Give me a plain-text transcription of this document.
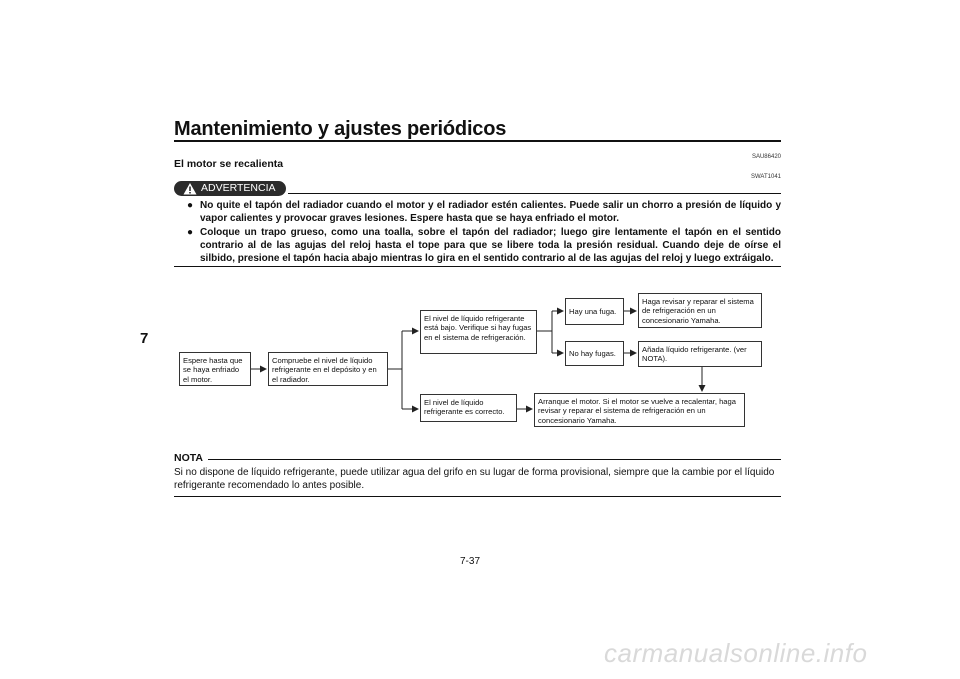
Mantenimiento y ajustes periódicos
7
SAU86420
El motor se recalienta
ADVERTENCIA
SWAT1041
● No quite el tapón del radiador cuando el motor y el radiador estén calientes. Puede salir un chorro a presión de líquido y vapor calientes y provocar graves lesiones. Espere hasta que se haya enfriado el motor.
● Coloque un trapo grueso, como una toalla, sobre el tapón del radiador; luego gire lentamente el tapón en el sentido contrario al de las agujas del reloj hasta el tope para que se libere toda la presión residual. Cuando deje de oírse el silbido, presione el tapón hacia abajo mientras lo gira en el sentido contrario al de las agujas del reloj y luego extráigalo.
Espere hasta que se haya enfriado el motor.
Compruebe el nivel de líquido refrigerante en el depósito y en el radiador.
El nivel de líquido refrigerante está bajo. Verifique si hay fugas en el sistema de refrigeración.
El nivel de líquido refrigerante es correcto.
Hay una fuga.
No hay fugas.
Haga revisar y reparar el sistema de refrigeración en un concesionario Yamaha.
Añada líquido refrigerante. (ver NOTA).
Arranque el motor. Si el motor se vuelve a recalentar, haga revisar y reparar el sistema de refrigeración en un concesionario Yamaha.
NOTA
Si no dispone de líquido refrigerante, puede utilizar agua del grifo en su lugar de forma provisional, siempre que la cambie por el líquido refrigerante recomendado lo antes posible.
7-37
carmanualsonline.info
